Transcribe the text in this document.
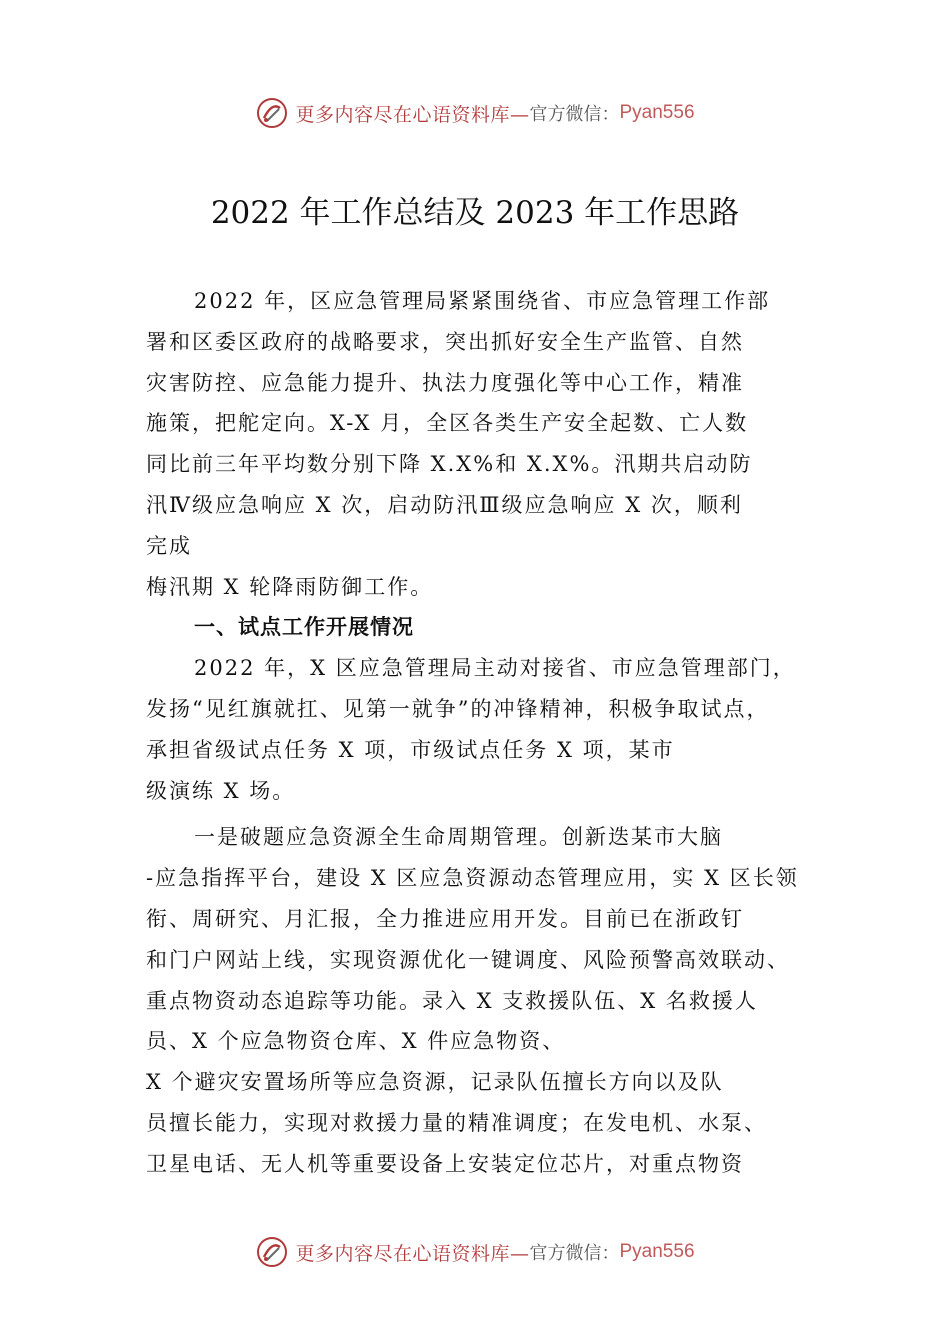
更多内容尽在心语资料库— 官方微信： Pyan556
2022 年工作总结及 2023 年工作思路
2022 年，区应急管理局紧紧围绕省、市应急管理工作部
署和区委区政府的战略要求，突出抓好安全生产监管、自然
灾害防控、应急能力提升、执法力度强化等中心工作，精准
施策，把舵定向。X-X 月，全区各类生产安全起数、亡人数
同比前三年平均数分别下降 X.X%和 X.X%。汛期共启动防
汛Ⅳ级应急响应 X 次，启动防汛Ⅲ级应急响应 X 次，顺利
完成
梅汛期 X 轮降雨防御工作。
一、试点工作开展情况
2022 年，X 区应急管理局主动对接省、市应急管理部门，
发扬“见红旗就扛、见第一就争”的冲锋精神，积极争取试点，
承担省级试点任务 X 项，市级试点任务 X 项，某市
级演练 X 场。
一是破题应急资源全生命周期管理。创新迭某市大脑
-应急指挥平台，建设 X 区应急资源动态管理应用，实 X 区长领
衔、周研究、月汇报，全力推进应用开发。目前已在浙政钉
和门户网站上线，实现资源优化一键调度、风险预警高效联动、
重点物资动态追踪等功能。录入 X 支救援队伍、X 名救援人
员、X 个应急物资仓库、X 件应急物资、
X 个避灾安置场所等应急资源，记录队伍擅长方向以及队
员擅长能力，实现对救援力量的精准调度；在发电机、水泵、
卫星电话、无人机等重要设备上安装定位芯片，对重点物资
更多内容尽在心语资料库— 官方微信： Pyan556
